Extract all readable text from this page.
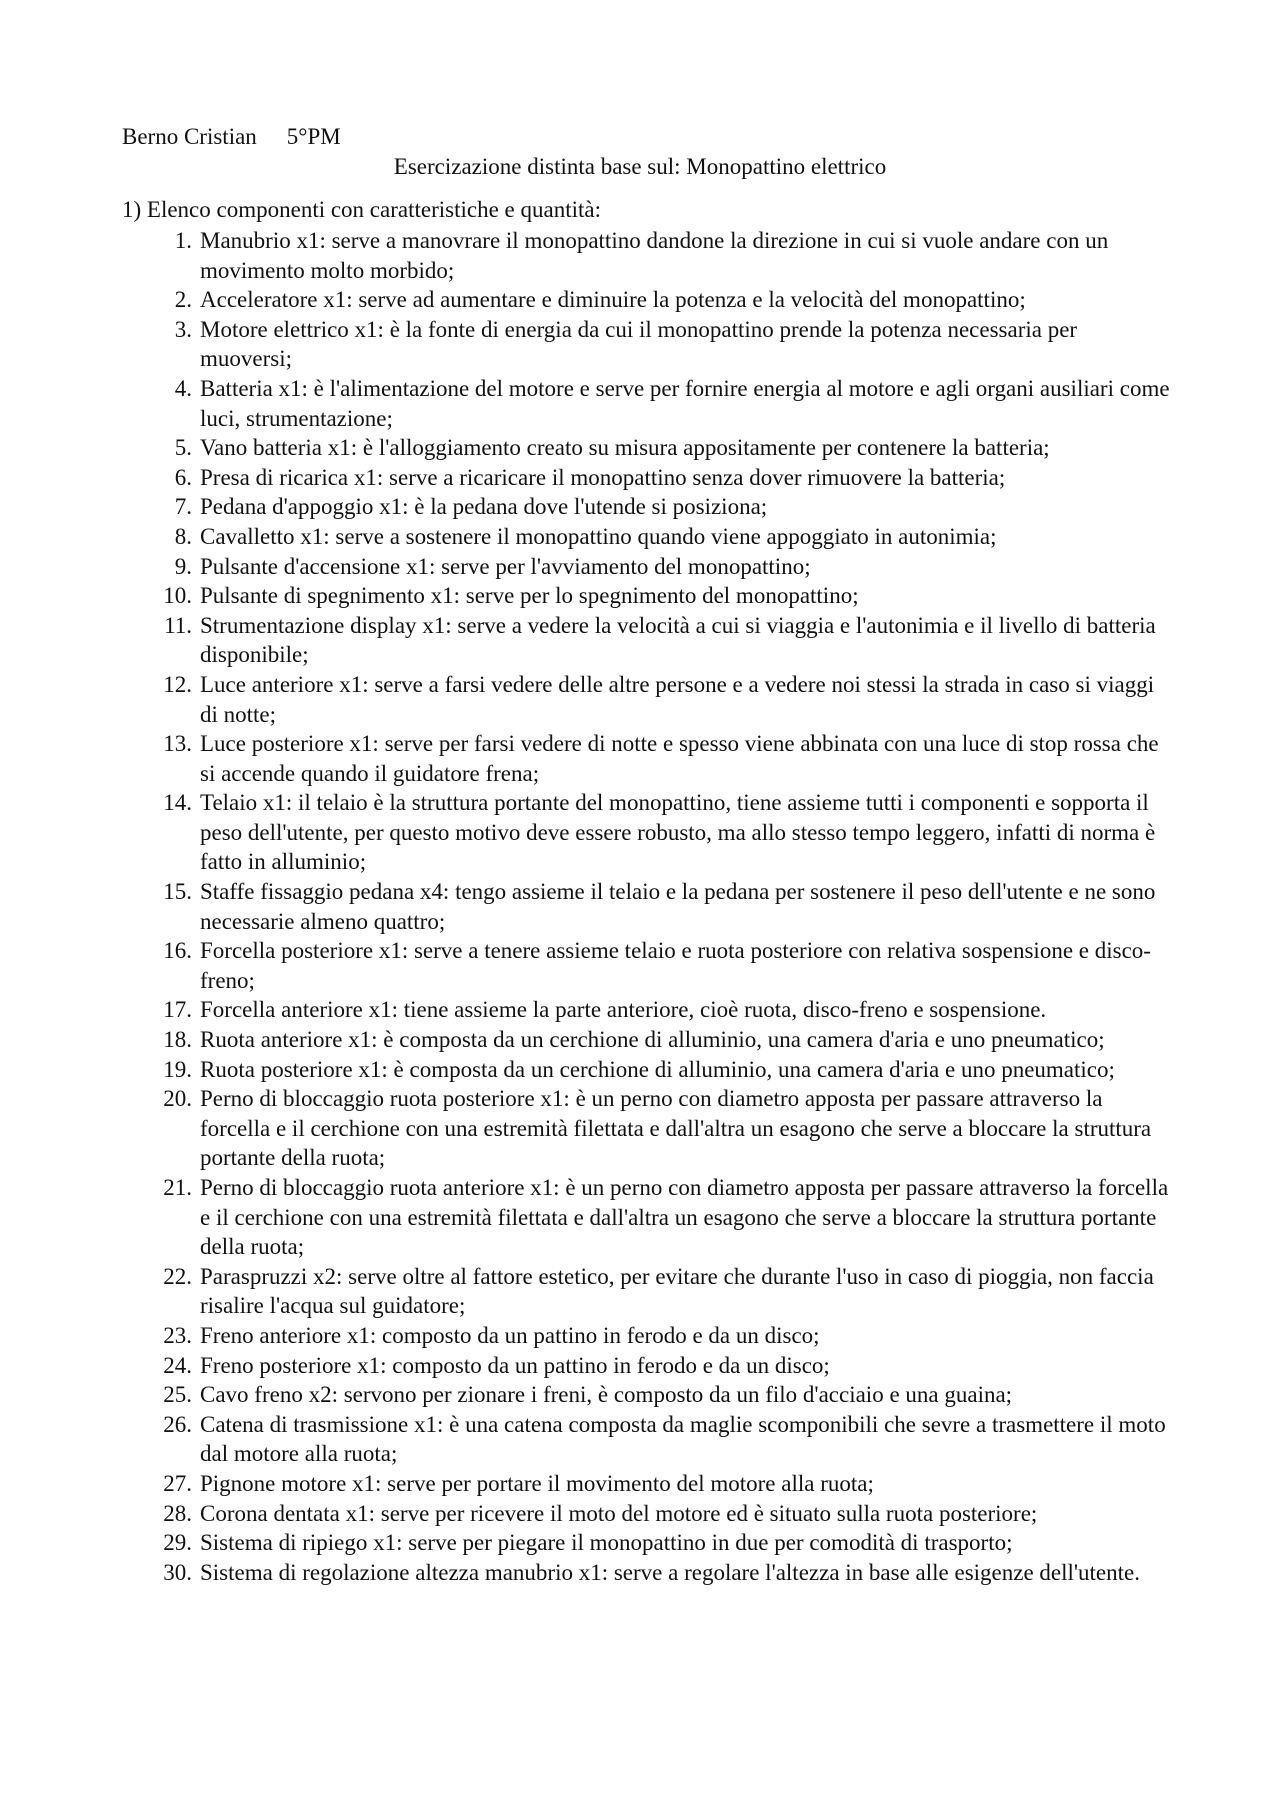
Berno Cristian 5°PM
Esercizazione distinta base sul: Monopattino elettrico
1) Elenco componenti con caratteristiche e quantità:
1. Manubrio x1: serve a manovrare il monopattino dandone la direzione in cui si vuole andare con un movimento molto morbido;
2. Acceleratore x1: serve ad aumentare e diminuire la potenza e la velocità del monopattino;
3. Motore elettrico x1: è la fonte di energia da cui il monopattino prende la potenza necessaria per muoversi;
4. Batteria x1: è l'alimentazione del motore e serve per fornire energia al motore e agli organi ausiliari come luci, strumentazione;
5. Vano batteria x1: è l'alloggiamento creato su misura appositamente per contenere la batteria;
6. Presa di ricarica x1: serve a ricaricare il monopattino senza dover rimuovere la batteria;
7. Pedana d'appoggio x1: è la pedana dove l'utende si posiziona;
8. Cavalletto x1: serve a sostenere il monopattino quando viene appoggiato in autonimia;
9. Pulsante d'accensione x1: serve per l'avviamento del monopattino;
10. Pulsante di spegnimento x1: serve per lo spegnimento del monopattino;
11. Strumentazione display x1: serve a vedere la velocità a cui si viaggia e l'autonimia e il livello di batteria disponibile;
12. Luce anteriore x1: serve a farsi vedere delle altre persone e a vedere noi stessi la strada in caso si viaggi di notte;
13. Luce posteriore x1: serve per farsi vedere di notte e spesso viene abbinata con una luce di stop rossa che si accende quando il guidatore frena;
14. Telaio x1: il telaio è la struttura portante del monopattino, tiene assieme tutti i componenti e sopporta il peso dell'utente, per questo motivo deve essere robusto, ma allo stesso tempo leggero, infatti di norma è fatto in alluminio;
15. Staffe fissaggio pedana x4: tengo assieme il telaio e la pedana per sostenere il peso dell'utente e ne sono necessarie almeno quattro;
16. Forcella posteriore x1: serve a tenere assieme telaio e ruota posteriore con relativa sospensione e disco-freno;
17. Forcella anteriore x1: tiene assieme la parte anteriore, cioè ruota, disco-freno e sospensione.
18. Ruota anteriore x1: è composta da un cerchione di alluminio, una camera d'aria e uno pneumatico;
19. Ruota posteriore x1: è composta da un cerchione di alluminio, una camera d'aria e uno pneumatico;
20. Perno di bloccaggio ruota posteriore x1: è un perno con diametro apposta per passare attraverso la forcella e il cerchione con una estremità filettata e dall'altra un esagono che serve a bloccare la struttura portante della ruota;
21. Perno di bloccaggio ruota anteriore x1: è un perno con diametro apposta per passare attraverso la forcella e il cerchione con una estremità filettata e dall'altra un esagono che serve a bloccare la struttura portante della ruota;
22. Paraspruzzi x2: serve oltre al fattore estetico, per evitare che durante l'uso in caso di pioggia, non faccia risalire l'acqua sul guidatore;
23. Freno anteriore x1: composto da un pattino in ferodo e da un disco;
24. Freno posteriore x1: composto da un pattino in ferodo e da un disco;
25. Cavo freno x2: servono per zionare i freni, è composto da un filo d'acciaio e una guaina;
26. Catena di trasmissione x1: è una catena composta da maglie scomponibili che sevre a trasmettere il moto dal motore alla ruota;
27. Pignone motore x1: serve per portare il movimento del motore alla ruota;
28. Corona dentata x1: serve per ricevere il moto del motore ed è situato sulla ruota posteriore;
29. Sistema di ripiego x1: serve per piegare il monopattino in due per comodità di trasporto;
30. Sistema di regolazione altezza manubrio x1: serve a regolare l'altezza in base alle esigenze dell'utente.
